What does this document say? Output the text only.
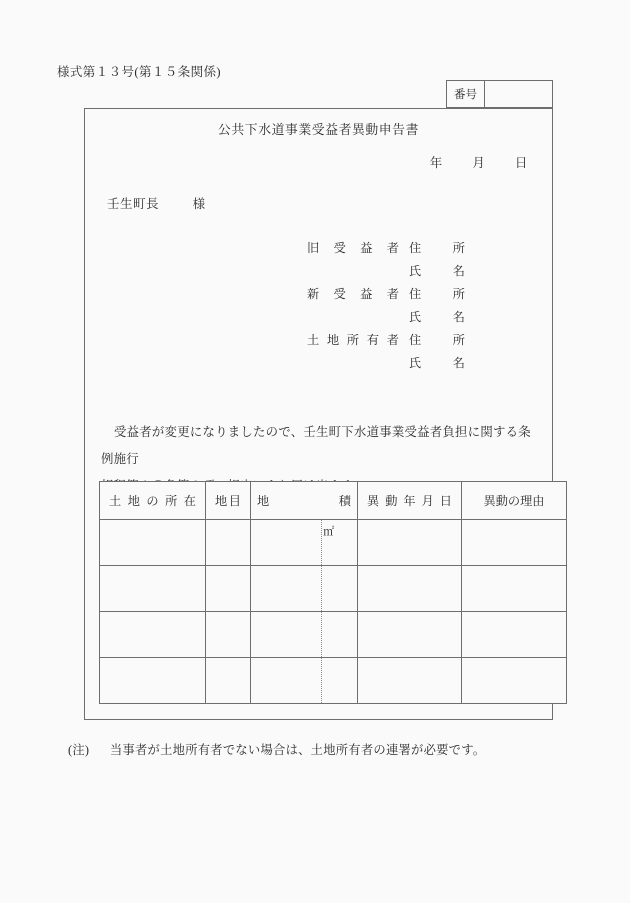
様式第１３号(第１５条関係)
番号
公共下水道事業受益者異動申告書
年 月 日
壬生町長	様
旧受益者 住所
氏名
新受益者 住所
氏名
土地所有者 住所
氏名

受益者が変更になりましたので、壬生町下水道事業受益者負担に関する条例施行

土地の所在	地目	地積	異動年月日	異動の理由

		㎡		

(注) 当事者が土地所有者でない場合は、土地所有者の連署が必要です。
